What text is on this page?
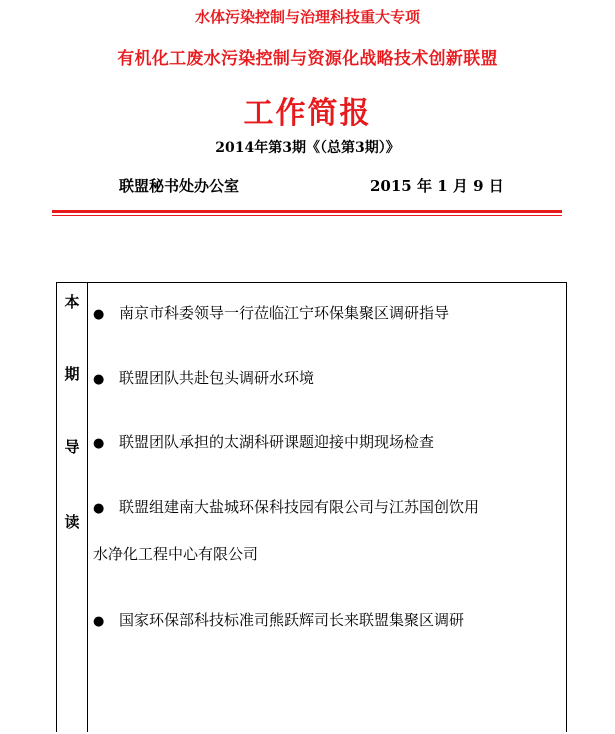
水体污染控制与治理科技重大专项
有机化工废水污染控制与资源化战略技术创新联盟
工作简报
2014年第3期《（总第3期）》
联盟秘书处办公室	2015 年 1 月 9 日
本
期
导
读
● 南京市科委领导一行莅临江宁环保集聚区调研指导
● 联盟团队共赴包头调研水环境
● 联盟团队承担的太湖科研课题迎接中期现场检查
● 联盟组建南大盐城环保科技园有限公司与江苏国创饮用
水净化工程中心有限公司
● 国家环保部科技标准司熊跃辉司长来联盟集聚区调研
